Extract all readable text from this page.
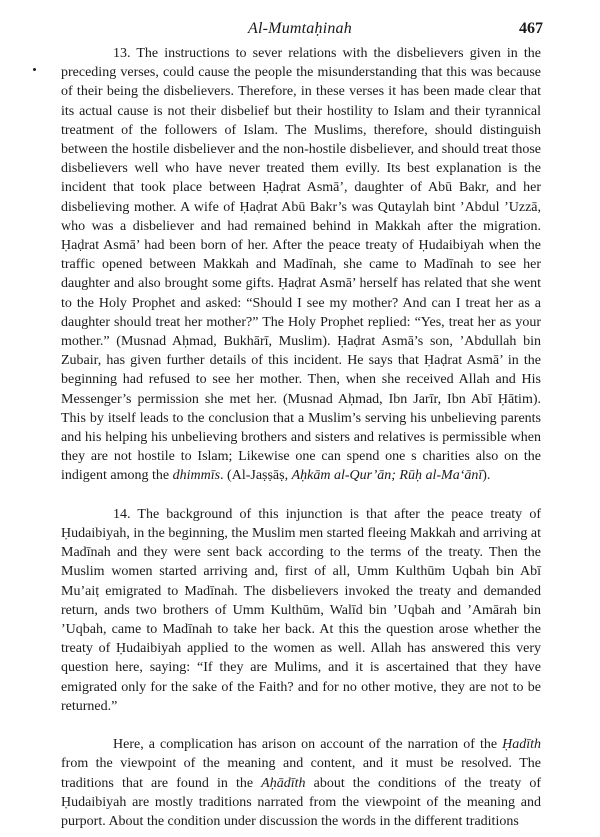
Al-Mumtaḥinah	467

13. The instructions to sever relations with the disbelievers given in the preceding verses, could cause the people the misunderstanding that this was because of their being the disbelievers. Therefore, in these verses it has been made clear that its actual cause is not their disbelief but their hostility to Islam and their tyrannical treatment of the followers of Islam. The Muslims, therefore, should distinguish between the hostile disbeliever and the non-hostile disbeliever, and should treat those disbelievers well who have never treated them evilly. Its best explanation is the incident that took place between Ḥaḍrat Asmā’, daughter of Abū Bakr, and her disbelieving mother. A wife of Ḥaḍrat Abū Bakr’s was Qutaylah bint ’Abdul ’Uzzā, who was a disbeliever and had remained behind in Makkah after the migration. Ḥaḍrat Asmā’ had been born of her. After the peace treaty of Ḥudaibiyah when the traffic opened between Makkah and Madīnah, she came to Madīnah to see her daughter and also brought some gifts. Ḥaḍrat Asmā’ herself has related that she went to the Holy Prophet and asked: “Should I see my mother? And can I treat her as a daughter should treat her mother?” The Holy Prophet replied: “Yes, treat her as your mother.” (Musnad Aḥmad, Bukhārī, Muslim). Ḥaḍrat Asmā’s son, ’Abdullah bin Zubair, has given further details of this incident. He says that Ḥaḍrat Asmā’ in the beginning had refused to see her mother. Then, when she received Allah and His Messenger’s permission she met her. (Musnad Aḥmad, Ibn Jarīr, Ibn Abī Ḥātim). This by itself leads to the conclusion that a Muslim’s serving his unbelieving parents and his helping his unbelieving brothers and sisters and relatives is permissible when they are not hostile to Islam; Likewise one can spend one s charities also on the indigent among the dhimmīs. (Al-Jaṣṣāṣ, Aḥkām al-Qur’ān; Rūḥ al-Ma‘ānī).

14. The background of this injunction is that after the peace treaty of Ḥudaibiyah, in the beginning, the Muslim men started fleeing Makkah and arriving at Madīnah and they were sent back according to the terms of the treaty. Then the Muslim women started arriving and, first of all, Umm Kulthūm Uqbah bin Abī Mu’aiṭ emigrated to Madīnah. The disbelievers invoked the treaty and demanded return, ands two brothers of Umm Kulthūm, Walīd bin ’Uqbah and ’Amārah bin ’Uqbah, came to Madīnah to take her back. At this the question arose whether the treaty of Ḥudaibiyah applied to the women as well. Allah has answered this very question here, saying: “If they are Mulims, and it is ascertained that they have emigrated only for the sake of the Faith? and for no other motive, they are not to be returned.”

Here, a complication has arison on account of the narration of the Ḥadīth from the viewpoint of the meaning and content, and it must be resolved. The traditions that are found in the Aḥādīth about the conditions of the treaty of Ḥudaibiyah are mostly traditions narrated from the viewpoint of the meaning and purport. About the condition under discussion the words in the different traditions
